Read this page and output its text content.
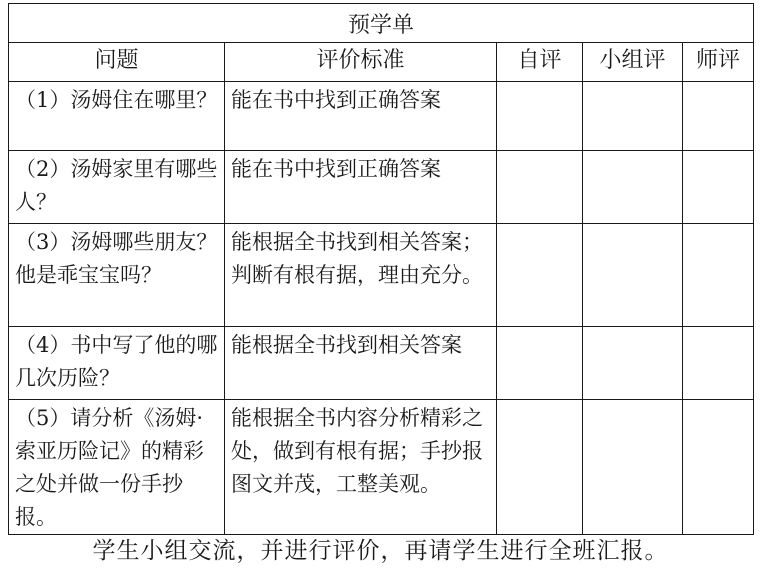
预学单				
问题	评价标准	自评	小组评	师评
（1）汤姆住在哪里？	能在书中找到正确答案			
（2）汤姆家里有哪些人？	能在书中找到正确答案			
（3）汤姆哪些朋友？他是乖宝宝吗？	能根据全书找到相关答案；判断有根有据，理由充分。			
（4）书中写了他的哪几次历险？	能根据全书找到相关答案			
（5）请分析《汤姆·索亚历险记》的精彩之处并做一份手抄报。	能根据全书内容分析精彩之处，做到有根有据；手抄报图文并茂，工整美观。			
学生小组交流，并进行评价，再请学生进行全班汇报。
